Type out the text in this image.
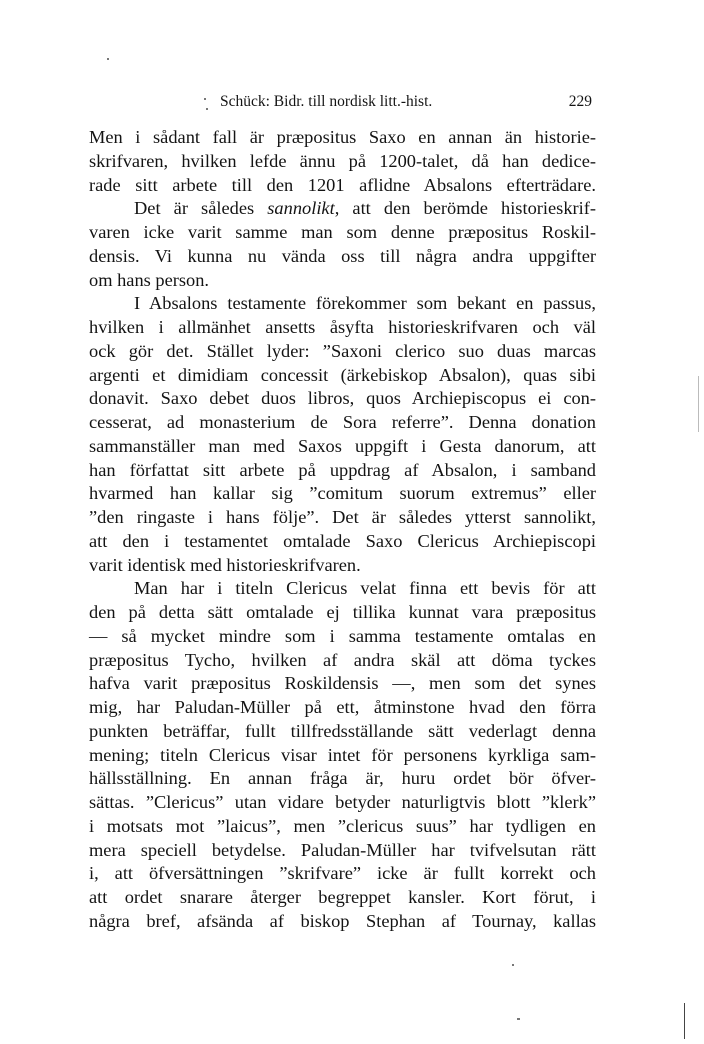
Schück: Bidr. till nordisk litt.-hist.	229
Men i sådant fall är præpositus Saxo en annan än historie-
skrifvaren, hvilken lefde ännu på 1200-talet, då han dedice-
rade sitt arbete till den 1201 aflidne Absalons efterträdare.
Det är således sannolikt, att den berömde historieskrif-
varen icke varit samme man som denne præpositus Roskil-
densis. Vi kunna nu vända oss till några andra uppgifter
om hans person.
I Absalons testamente förekommer som bekant en passus,
hvilken i allmänhet ansetts åsyfta historieskrifvaren och väl
ock gör det. Stället lyder: ”Saxoni clerico suo duas marcas
argenti et dimidiam concessit (ärkebiskop Absalon), quas sibi
donavit. Saxo debet duos libros, quos Archiepiscopus ei con-
cesserat, ad monasterium de Sora referre”. Denna donation
sammanställer man med Saxos uppgift i Gesta danorum, att
han författat sitt arbete på uppdrag af Absalon, i samband
hvarmed han kallar sig ”comitum suorum extremus” eller
”den ringaste i hans följe”. Det är således ytterst sannolikt,
att den i testamentet omtalade Saxo Clericus Archiepiscopi
varit identisk med historieskrifvaren.
Man har i titeln Clericus velat finna ett bevis för att
den på detta sätt omtalade ej tillika kunnat vara præpositus
— så mycket mindre som i samma testamente omtalas en
præpositus Tycho, hvilken af andra skäl att döma tyckes
hafva varit præpositus Roskildensis —, men som det synes
mig, har Paludan-Müller på ett, åtminstone hvad den förra
punkten beträffar, fullt tillfredsställande sätt vederlagt denna
mening; titeln Clericus visar intet för personens kyrkliga sam-
hällsställning. En annan fråga är, huru ordet bör öfver-
sättas. ”Clericus” utan vidare betyder naturligtvis blott ”klerk”
i motsats mot ”laicus”, men ”clericus suus” har tydligen en
mera speciell betydelse. Paludan-Müller har tvifvelsutan rätt
i, att öfversättningen ”skrifvare” icke är fullt korrekt och
att ordet snarare återger begreppet kansler. Kort förut, i
några bref, afsända af biskop Stephan af Tournay, kallas
